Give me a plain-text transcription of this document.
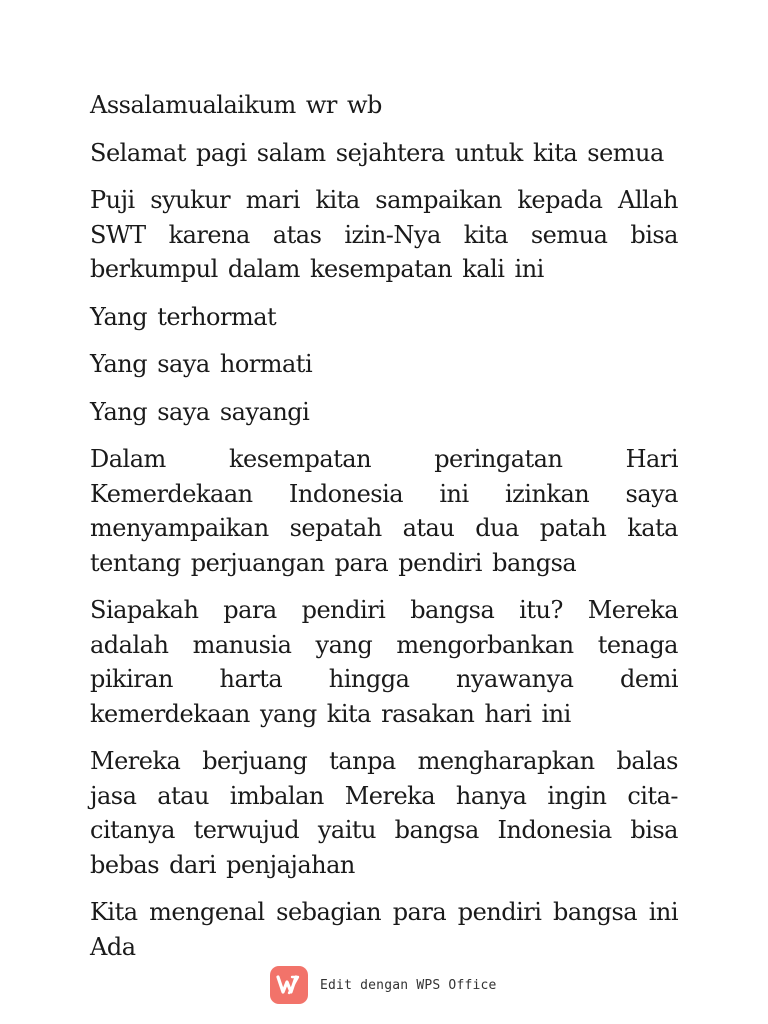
Assalamualaikum wr wb

Selamat pagi salam sejahtera untuk kita semua

Puji syukur mari kita sampaikan kepada Allah SWT karena atas izin-Nya kita semua bisa berkumpul dalam kesempatan kali ini

Yang terhormat

Yang saya hormati

Yang saya sayangi

Dalam kesempatan peringatan Hari Kemerdekaan Indonesia ini izinkan saya menyampaikan sepatah atau dua patah kata tentang perjuangan para pendiri bangsa

Siapakah para pendiri bangsa itu? Mereka adalah manusia yang mengorbankan tenaga pikiran harta hingga nyawanya demi kemerdekaan yang kita rasakan hari ini

Mereka berjuang tanpa mengharapkan balas jasa atau imbalan Mereka hanya ingin cita-citanya terwujud yaitu bangsa Indonesia bisa bebas dari penjajahan

Kita mengenal sebagian para pendiri bangsa ini Ada

Edit dengan WPS Office
